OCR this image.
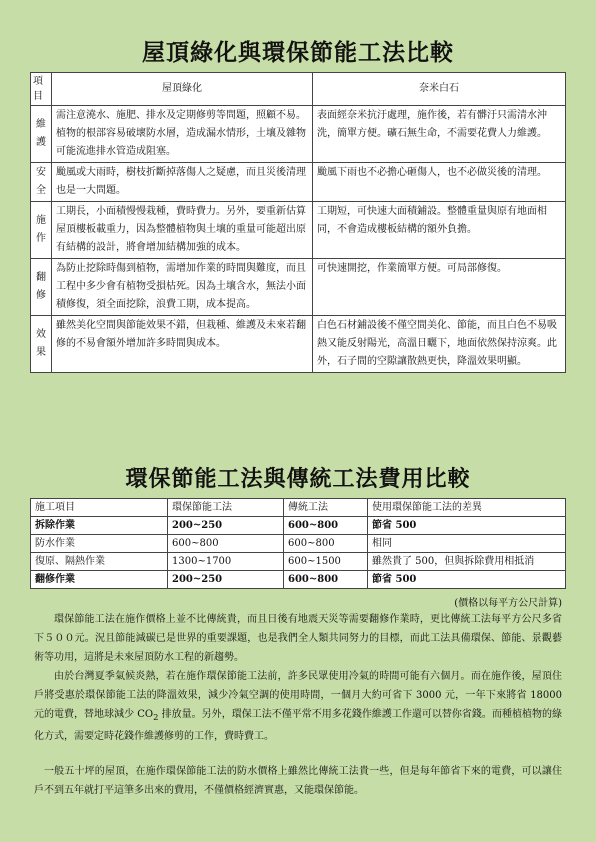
屋頂綠化與環保節能工法比較
項目	屋頂綠化	奈米白石
維護	需注意澆水、施肥、排水及定期修剪等問題，照顧不易。植物的根部容易破壞防水層，造成漏水情形，土壤及雜物可能流進排水管造成阻塞。	表面經奈米抗汙處理，施作後，若有髒汙只需清水沖洗，簡單方便。礦石無生命，不需要花費人力維護。
安全	颱風或大雨時，樹枝折斷掉落傷人之疑慮，而且災後清理也是一大問題。	颱風下雨也不必擔心砸傷人，也不必做災後的清理。
施作	工期長，小面積慢慢栽種，費時費力。另外，要重新估算屋頂樓板載重力，因為整體植物與土壤的重量可能超出原有結構的設計，將會增加結構加強的成本。	工期短，可快速大面積鋪設。整體重量與原有地面相同，不會造成樓板結構的額外負擔。
翻修	為防止挖除時傷到植物，需增加作業的時間與難度，而且工程中多少會有植物受損枯死。因為土壤含水，無法小面積修復，須全面挖除，浪費工期，成本提高。	可快速開挖，作業簡單方便。可局部修復。
效果	雖然美化空間與節能效果不錯，但栽種、維護及未來若翻修的不易會額外增加許多時間與成本。	白色石材鋪設後不僅空間美化、節能，而且白色不易吸熱又能反射陽光，高溫日曬下，地面依然保持涼爽。此外，石子間的空隙讓散熱更快，降溫效果明顯。
環保節能工法與傳統工法費用比較
施工項目	環保節能工法	傳統工法	使用環保節能工法的差異
拆除作業	200~250	600~800	節省 500
防水作業	600~800	600~800	相同
復原、隔熱作業	1300~1700	600~1500	雖然貴了 500，但與拆除費用相抵消
翻修作業	200~250	600~800	節省 500
(價格以每平方公尺計算)

環保節能工法在施作價格上並不比傳統貴，而且日後有地震天災等需要翻修作業時，更比傳統工法每平方公尺多省下５００元。況且節能減碳已是世界的重要課題，也是我們全人類共同努力的目標，而此工法具備環保、節能、景觀藝術等功用，這將是未來屋頂防水工程的新趨勢。

由於台灣夏季氣候炎熱，若在施作環保節能工法前，許多民眾使用冷氣的時間可能有六個月。而在施作後，屋頂住戶將受惠於環保節能工法的降溫效果，減少冷氣空調的使用時間，一個月大約可省下 3000 元，一年下來將省 18000 元的電費，替地球減少 $CO_2$ 排放量。另外，環保工法不僅平常不用多花錢作維護工作還可以替你省錢。而種植植物的綠化方式，需要定時花錢作維護修剪的工作，費時費工。

一般五十坪的屋頂，在施作環保節能工法的防水價格上雖然比傳統工法貴一些，但是每年節省下來的電費，可以讓住戶不到五年就打平這筆多出來的費用，不僅價格經濟實惠，又能環保節能。
